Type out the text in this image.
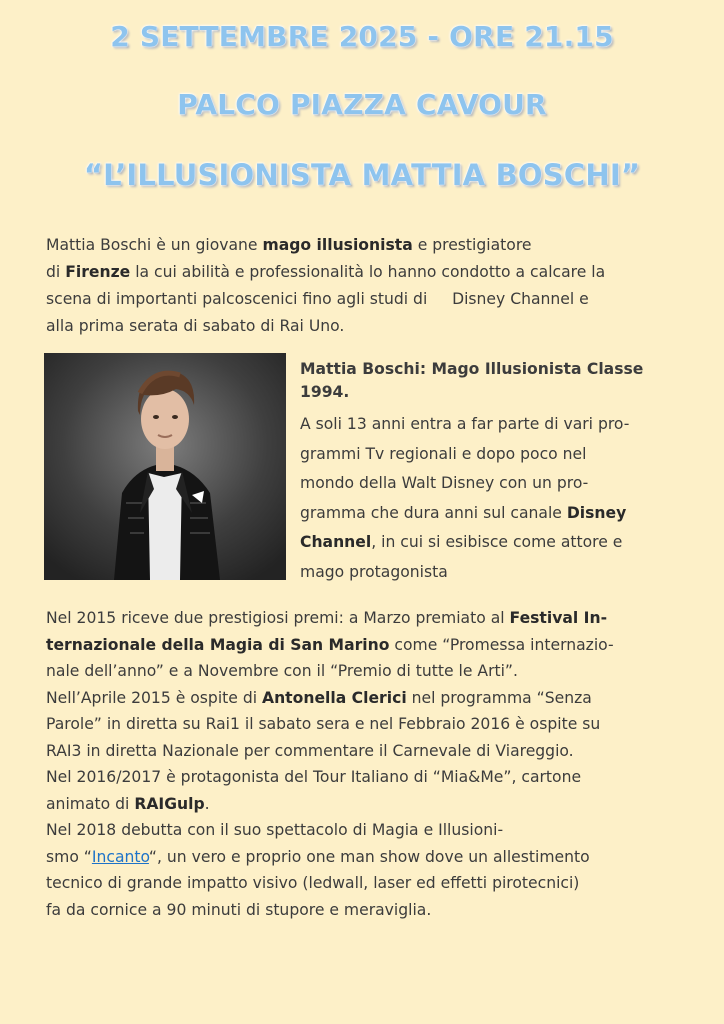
2 SETTEMBRE 2025 - ORE 21.15
PALCO PIAZZA CAVOUR
“L’ILLUSIONISTA MATTIA BOSCHI”
Mattia Boschi è un giovane mago illusionista e prestigiatore
di Firenze la cui abilità e professionalità lo hanno condotto a calcare la
scena di importanti palcoscenici fino agli studi di     Disney Channel e
alla prima serata di sabato di Rai Uno.
Mattia Boschi: Mago Illusionista Classe
1994.
A soli 13 anni entra a far parte di vari pro-
grammi Tv regionali e dopo poco nel
mondo della Walt Disney con un pro-
gramma che dura anni sul canale Disney
Channel, in cui si esibisce come attore e
mago protagonista
Nel 2015 riceve due prestigiosi premi: a Marzo premiato al Festival In-
ternazionale della Magia di San Marino come “Promessa internazio-
nale dell’anno” e a Novembre con il “Premio di tutte le Arti”.
Nell’Aprile 2015 è ospite di Antonella Clerici nel programma “Senza
Parole” in diretta su Rai1 il sabato sera e nel Febbraio 2016 è ospite su
RAI3 in diretta Nazionale per commentare il Carnevale di Viareggio.
Nel 2016/2017 è protagonista del Tour Italiano di “Mia&Me”, cartone
animato di RAIGulp.
Nel 2018 debutta con il suo spettacolo di Magia e Illusioni-
smo “Incanto“, un vero e proprio one man show dove un allestimento
tecnico di grande impatto visivo (ledwall, laser ed effetti pirotecnici)
fa da cornice a 90 minuti di stupore e meraviglia.
